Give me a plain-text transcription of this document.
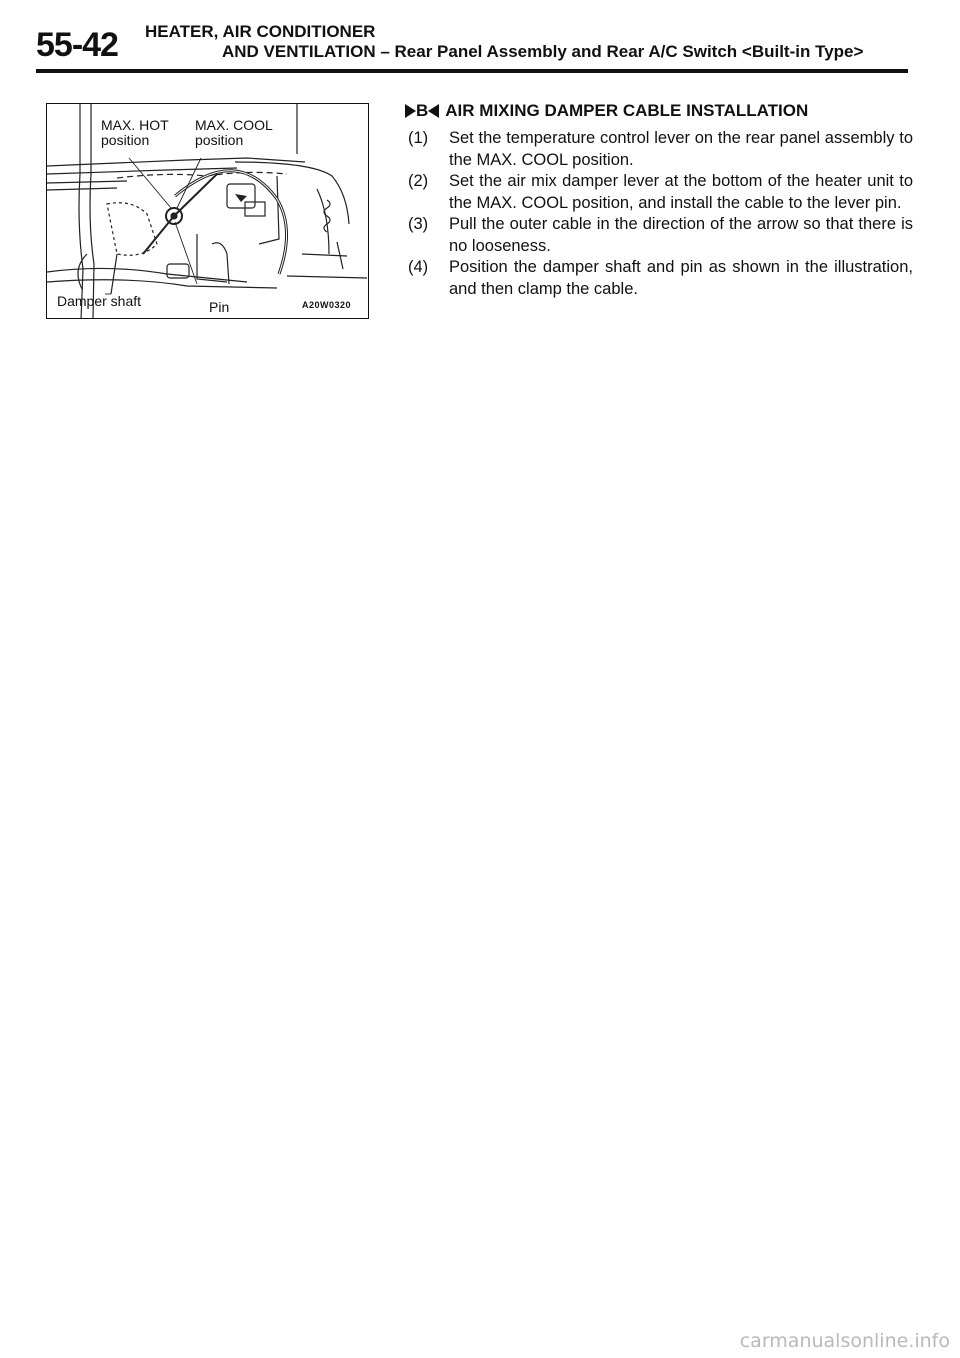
55-42 HEATER, AIR CONDITIONER
AND VENTILATION – Rear Panel Assembly and Rear A/C Switch <Built-in Type>
MAX. HOT
position
MAX. COOL
position
Damper shaft	Pin	A20W0320
B AIR MIXING DAMPER CABLE INSTALLATION
(1)	Set the temperature control lever on the rear panel assembly to the MAX. COOL position.
(2)	Set the air mix damper lever at the bottom of the heater unit to the MAX. COOL position, and install the cable to the lever pin.
(3)	Pull the outer cable in the direction of the arrow so that there is no looseness.
(4)	Position the damper shaft and pin as shown in the illustration, and then clamp the cable.
carmanualsonline.info
